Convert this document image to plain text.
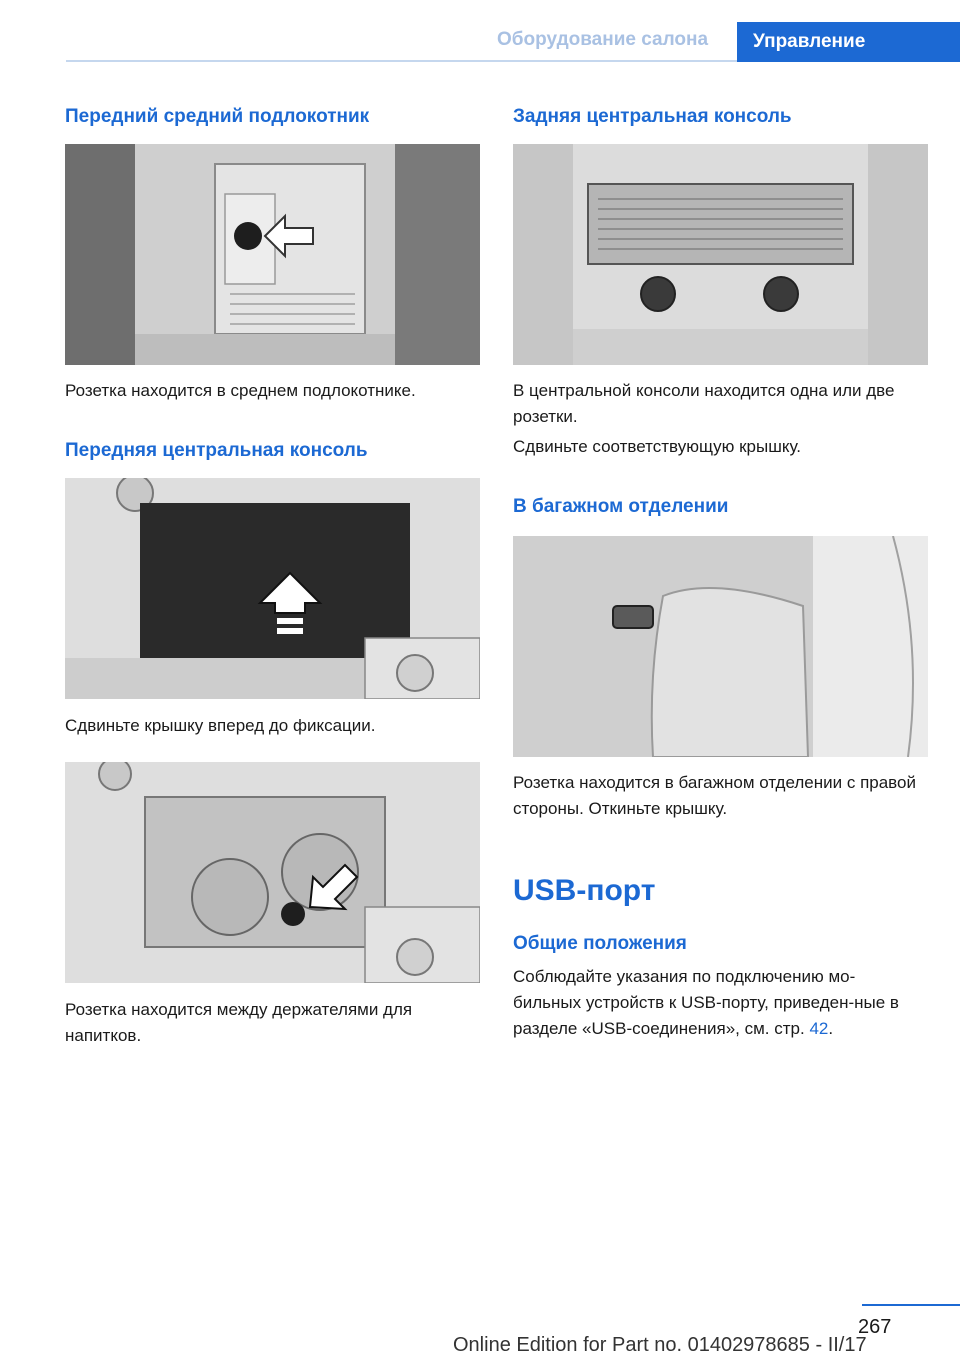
Оборудование салона Управление
Передний средний подлокотник

Розетка находится в среднем подлокотнике.

Передняя центральная консоль

Сдвиньте крышку вперед до фиксации.

Розетка находится между держателями для напитков.

Задняя центральная консоль

В центральной консоли находится одна или две розетки.

Сдвиньте соответствующую крышку.

В багажном отделении

Розетка находится в багажном отделении с правой стороны. Откиньте крышку.

USB-порт
Общие положения

Соблюдайте указания по подключению мо-бильных устройств к USB-порту, приведен-ные в разделе «USB-соединения», см. стр. 42.

267
Online Edition for Part no. 01402978685 - II/17
